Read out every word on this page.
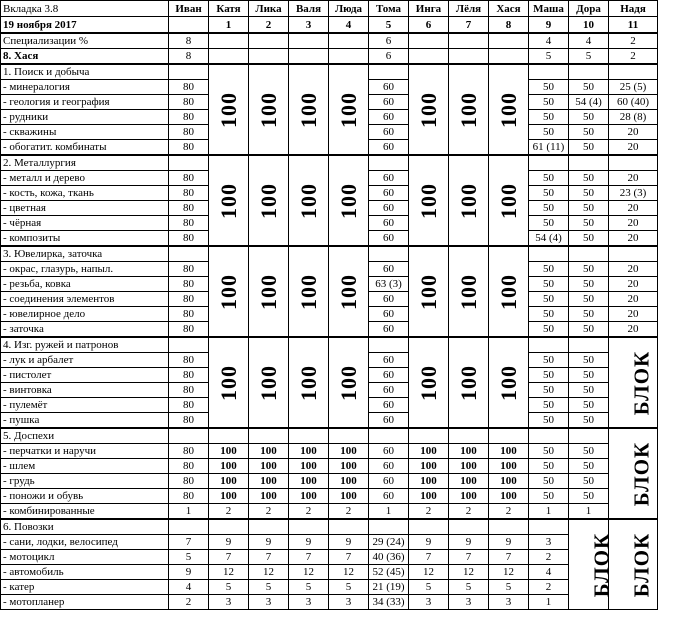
Вкладка 3.8	Иван	Катя	Лика	Валя	Люда	Тома	Инга	Лёля	Хася	Маша	Дора	Надя
19 ноября 2017		1	2	3	4	5	6	7	8	9	10	11
Специализации %	8					6				4	4	2
8. Хася	8					6				5	5	2
1. Поиск и добыча		100	100	100	100		100	100	100			
- минералогия	80					60				50	50	25 (5)
- геология и география	80					60				50	54 (4)	60 (40)
- рудники	80					60				50	50	28 (8)
- скважины	80					60				50	50	20
- обогатит. комбинаты	80					60				61 (11)	50	20
2. Металлургия		100	100	100	100		100	100	100			
- металл и дерево	80					60				50	50	20
- кость, кожа, ткань	80					60				50	50	23 (3)
- цветная	80					60				50	50	20
- чёрная	80					60				50	50	20
- композиты	80					60				54 (4)	50	20
3. Ювелирка, заточка		100	100	100	100		100	100	100			
- окрас, глазурь, напыл.	80					60				50	50	20
- резьба, ковка	80					63 (3)				50	50	20
- соединения элементов	80					60				50	50	20
- ювелирное дело	80					60				50	50	20
- заточка	80					60				50	50	20
4. Изг. ружей и патронов		100	100	100	100		100	100	100			БЛОК
- лук и арбалет	80					60				50	50	
- пистолет	80					60				50	50	
- винтовка	80					60				50	50	
- пулемёт	80					60				50	50	
- пушка	80					60				50	50	
5. Доспехи												БЛОК
- перчатки и наручи	80	100	100	100	100	60	100	100	100	50	50	
- шлем	80	100	100	100	100	60	100	100	100	50	50	
- грудь	80	100	100	100	100	60	100	100	100	50	50	
- поножи и обувь	80	100	100	100	100	60	100	100	100	50	50	
- комбинированные	1	2	2	2	2	1	2	2	2	1	1	
6. Повозки											БЛОК	БЛОК
- сани, лодки, велосипед	7	9	9	9	9	29 (24)	9	9	9	3		
- мотоцикл	5	7	7	7	7	40 (36)	7	7	7	2		
- автомобиль	9	12	12	12	12	52 (45)	12	12	12	4		
- катер	4	5	5	5	5	21 (19)	5	5	5	2		
- мотопланер	2	3	3	3	3	34 (33)	3	3	3	1		
